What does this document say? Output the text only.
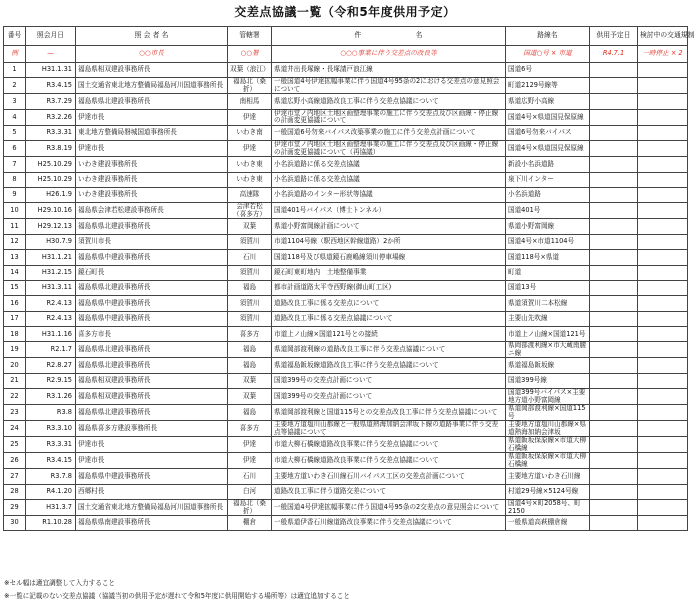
交差点協議一覧（令和5年度供用予定）
番号	照会月日	照 会 者 名	管轄署	件　　　　　　　　名	路線名	供用予定日	検討中の交通規制
例	—	○○市長	○○署	○○○事業に伴う交差点の改良等	国道○号 × 市道	R4.7.1	一時停止 × 2
1	H31.1.31	福島県相双建設事務所長	双葉（浪江）	県道井出長塚線・長塚請戸浪江線	国道6号		
2	R3.4.15	国土交通省東北地方整備局福島河川国道事務所長	福島北（桑折）	一般国道4号伊達拡幅事業に伴う国道4号95条の2における交差点の意見照会について	町道2129号線等		
3	R3.7.29	福島県県北建設事務所長	南相馬	県道広野小高線道路改良工事に伴う交差点協議について	県道広野小高線		
4	R3.2.26	伊達市長	伊達	伊達市堂ノ内地区土地区画整理事業の施工に伴う交差点及び区画線・停止線の計画変更協議について	国道4号×県道国見保原線		
5	R3.3.31	東北地方整備局磐城国道事務所長	いわき南	一般国道6号勿来バイパス改築事業の施工に伴う交差点計画について	国道6号勿来バイパス		
6	R3.8.19	伊達市長	伊達	伊達市堂ノ内地区土地区画整理事業の施工に伴う交差点及び区画線・停止線の計画変更協議について（再協議）	国道4号×県道国見保原線		
7	H25.10.29	いわき建設事務所長	いわき東	小名浜道路に係る交差点協議	新設小名浜道路		
8	H25.10.29	いわき建設事務所長	いわき東	小名浜道路に係る交差点協議	泉下川インター		
9	H26.1.9	いわき建設事務所長	高速隊	小名浜道路のインター形状等協議	小名浜道路		
10	H29.10.16	福島県会津若松建設事務所長	会津若松（喜多方）	国道401号バイパス（博士トンネル）	国道401号		
11	H29.12.13	福島県県北建設事務所長	双葉	県道小野富岡線計画について	県道小野富岡線		
12	H30.7.9	須賀川市長	須賀川	市道1104号線（駅西地区幹線道路）2か所	国道4号×市道1104号		
13	H31.1.21	福島県県中建設事務所長	石川	国道118号及び県道鏡石鹿嶋線須川停車場線	国道118号×県道		
14	H31.2.15	鏡石町長	須賀川	鏡石町東町地内　土地整備事業	町道		
15	H31.3.11	福島県県北建設事務所長	福島	都市計画道路太平寺西野線(御山町工区)	国道13号		
16	R2.4.13	福島県県中建設事務所長	須賀川	道路改良工事に係る交差点について	県道須賀川二本松線		
17	R2.4.13	福島県県中建設事務所長	須賀川	道路改良工事に係る交差点協議について	主要山先吹線		
18	H31.1.16	喜多方市長	喜多方	市道上ノ山線×国道121号との接続	市道上ノ山線×国道121号		
19	R2.1.7	福島県県北建設事務所長	福島	県道岡部渡利線の道路改良工事に伴う交差点協議について	県岡部渡利線×市大蔵南腰ニ線		
20	R2.8.27	福島県県北建設事務所長	福島	県道福島飯坂線道路改良工事に伴う交差点協議について	県道福島飯坂線		
21	R2.9.15	福島県相双建設事務所長	双葉	国道399号の交差点計画について	国道399号線		
22	R3.1.26	福島県相双建設事務所長	双葉	国道399号の交差点計画について	国道399号バイパス×主要地方道小野富岡線		
23	R3.8	福島県県北建設事務所長	福島	県道岡部渡利線と国道115号との交差点改良工事に伴う交差点協議について	県道岡部渡利線×国道115号		
24	R3.3.10	福島県喜多方建設事務所長	喜多方	主要地方道塩川山都線と一般県道熱海加納会津坂下線の道路事業に伴う交差点等協議について	主要地方道塩川山都線×県道熱海加納会津坂		
25	R3.3.31	伊達市長	伊達	市道大柳石橋線道路改良事業に伴う交差点協議について	県道飯坂保原線×市道大柳石橋線		
26	R3.4.15	伊達市長	伊達	市道大柳石橋線道路改良事業に伴う交差点協議について	県道飯坂保原線×市道大柳石橋線		
27	R3.7.8	福島県県中建設事務所長	石川	主要地方道いわき石川線石川バイパス工区の交差点計画について	主要地方道いわき石川線		
28	R4.1.20	西郷村長	白河	道路改良工事に伴う道路交差について	村道29号線×5124号線		
29	H31.3.7	国土交通省東北地方整備局福島河川国道事務所長	福島北（桑折）	一般国道4号伊達拡幅事業に伴う国道4号95条の2交差点の意見照会について	国道4号×町2058号、町2150		
30	R1.10.28	福島県県南建設事務所長	棚倉	一般県道伊香石川線道路改良事業に伴う交差点協議について	一般県道高萩棚倉線		
※セル幅は適宜調整して入力すること
※一覧に記載のない交差点協議（協議当初の供用予定が遅れて令和5年度に供用開始する場所等）は適宜追加すること
